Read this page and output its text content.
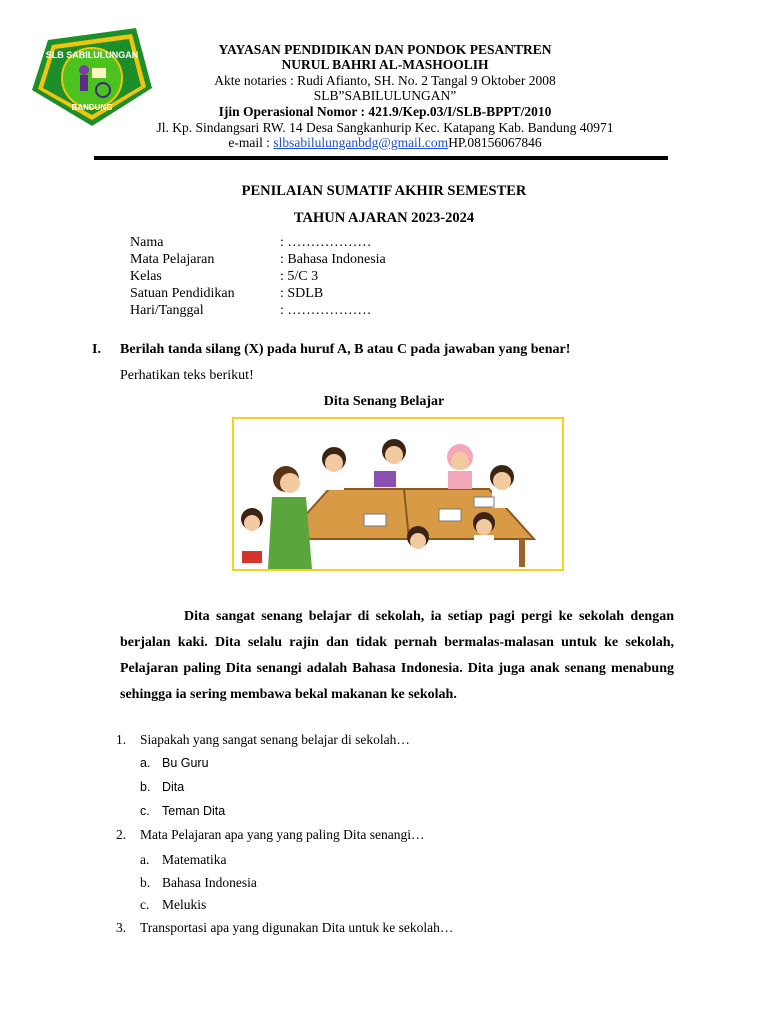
SLB SABILULUNGAN
BANDUNG
YAYASAN PENDIDIKAN DAN PONDOK PESANTREN
NURUL BAHRI AL-MASHOOLIH
Akte notaries : Rudi Afianto, SH. No. 2 Tangal 9 Oktober 2008
SLB”SABILULUNGAN”
Ijin Operasional Nomor : 421.9/Kep.03/I/SLB-BPPT/2010
Jl. Kp. Sindangsari RW. 14 Desa Sangkanhurip Kec. Katapang Kab. Bandung 40971
e-mail : slbsabilulunganbdg@gmail.comHP.08156067846
PENILAIAN SUMATIF AKHIR SEMESTER
TAHUN AJARAN 2023-2024
Nama	: ………………
Mata Pelajaran	: Bahasa Indonesia
Kelas	: 5/C 3
Satuan Pendidikan	: SDLB
Hari/Tanggal	: ………………
I. Berilah tanda silang (X) pada huruf A, B atau C pada jawaban yang benar!
Perhatikan teks berikut!
Dita Senang Belajar
Dita sangat senang belajar di sekolah, ia setiap pagi pergi ke sekolah dengan berjalan kaki. Dita selalu rajin dan tidak pernah bermalas-malasan untuk ke sekolah, Pelajaran paling Dita senangi adalah Bahasa Indonesia. Dita juga anak senang menabung sehingga ia sering membawa bekal makanan ke sekolah.
1. Siapakah yang sangat senang belajar di sekolah…
a. Bu Guru
b. Dita
c. Teman Dita
2. Mata Pelajaran apa yang yang paling Dita senangi…
a. Matematika
b. Bahasa Indonesia
c. Melukis
3. Transportasi apa yang digunakan Dita untuk ke sekolah…
